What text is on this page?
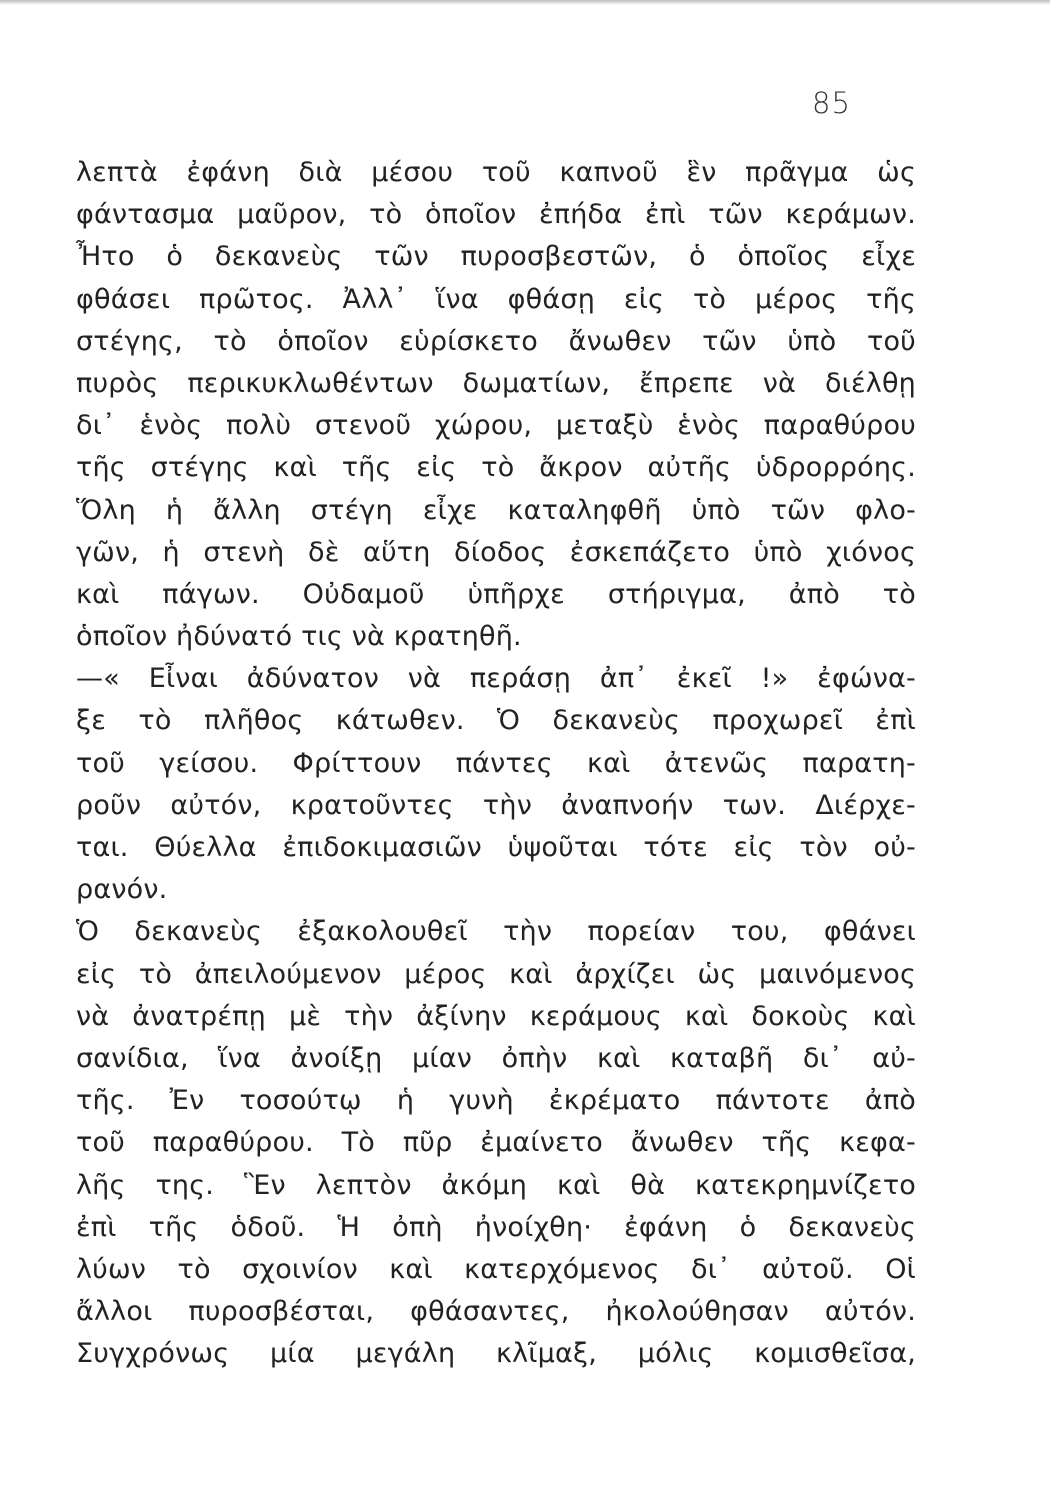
85
λεπτὰ ἐφάνη διὰ μέσου τοῦ καπνοῦ ἓν πρᾶγμα ὡς
φάντασμα μαῦρον, τὸ ὁποῖον ἐπήδα ἐπὶ τῶν κεράμων.
Ἦτο ὁ δεκανεὺς τῶν πυροσβεστῶν, ὁ ὁποῖος εἶχε
φθάσει πρῶτος. Ἀλλ᾽ ἵνα φθάσῃ εἰς τὸ μέρος τῆς
στέγης, τὸ ὁποῖον εὑρίσκετο ἄνωθεν τῶν ὑπὸ τοῦ
πυρὸς περικυκλωθέντων δωματίων, ἔπρεπε νὰ διέλθῃ
δι᾽ ἑνὸς πολὺ στενοῦ χώρου, μεταξὺ ἑνὸς παραθύρου
τῆς στέγης καὶ τῆς εἰς τὸ ἄκρον αὐτῆς ὑδρορρόης.
Ὅλη ἡ ἄλλη στέγη εἶχε καταληφθῆ ὑπὸ τῶν φλο-
γῶν, ἡ στενὴ δὲ αὕτη δίοδος ἐσκεπάζετο ὑπὸ χιόνος
καὶ πάγων. Οὐδαμοῦ ὑπῆρχε στήριγμα, ἀπὸ τὸ
ὁποῖον ἠδύνατό τις νὰ κρατηθῆ.
—« Εἶναι ἀδύνατον νὰ περάσῃ ἀπ᾽ ἐκεῖ !» ἐφώνα-
ξε τὸ πλῆθος κάτωθεν. Ὁ δεκανεὺς προχωρεῖ ἐπὶ
τοῦ γείσου. Φρίττουν πάντες καὶ ἀτενῶς παρατη-
ροῦν αὐτόν, κρατοῦντες τὴν ἀναπνοήν των. Διέρχε-
ται. Θύελλα ἐπιδοκιμασιῶν ὑψοῦται τότε εἰς τὸν οὐ-
ρανόν.
Ὁ δεκανεὺς ἐξακολουθεῖ τὴν πορείαν του, φθάνει
εἰς τὸ ἀπειλούμενον μέρος καὶ ἀρχίζει ὡς μαινόμενος
νὰ ἀνατρέπῃ μὲ τὴν ἀξίνην κεράμους καὶ δοκοὺς καὶ
σανίδια, ἵνα ἀνοίξῃ μίαν ὀπὴν καὶ καταβῆ δι᾽ αὐ-
τῆς. Ἐν τοσούτῳ ἡ γυνὴ ἐκρέματο πάντοτε ἀπὸ
τοῦ παραθύρου. Τὸ πῦρ ἐμαίνετο ἄνωθεν τῆς κεφα-
λῆς της. Ἓν λεπτὸν ἀκόμη καὶ θὰ κατεκρημνίζετο
ἐπὶ τῆς ὁδοῦ. Ἡ ὀπὴ ἠνοίχθη· ἐφάνη ὁ δεκανεὺς
λύων τὸ σχοινίον καὶ κατερχόμενος δι᾽ αὐτοῦ. Οἱ
ἄλλοι πυροσβέσται, φθάσαντες, ἠκολούθησαν αὐτόν.
Συγχρόνως μία μεγάλη κλῖμαξ, μόλις κομισθεῖσα,
